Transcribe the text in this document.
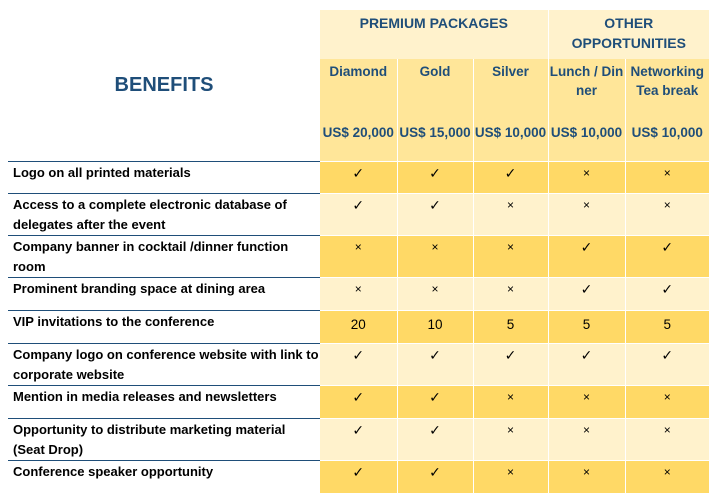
BENEFITS	PREMIUM PACKAGES			OTHER OPPORTUNITIES	
	Diamond	Gold	Silver	Lunch / Dinner	Networking Tea break
	US$ 20,000	US$ 15,000	US$ 10,000	US$ 10,000	US$ 10,000
Logo on all printed materials	✓	✓	✓	×	×
Access to a complete electronic database of delegates after the event	✓	✓	×	×	×
Company banner in cocktail /dinner function room	×	×	×	✓	✓
Prominent branding space at dining area	×	×	×	✓	✓
VIP invitations to the conference	20	10	5	5	5
Company logo on conference website with link to corporate website	✓	✓	✓	✓	✓
Mention in media releases and newsletters	✓	✓	×	×	×
Opportunity to distribute marketing material (Seat Drop)	✓	✓	×	×	×
Conference speaker opportunity	✓	✓	×	×	×
